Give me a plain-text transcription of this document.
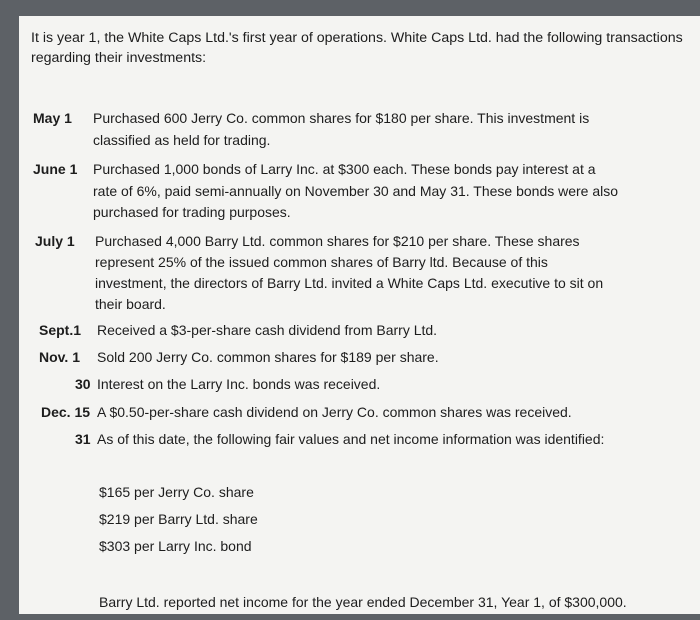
It is year 1, the White Caps Ltd.'s first year of operations. White Caps Ltd. had the following transactions regarding their investments:
May 1 Purchased 600 Jerry Co. common shares for $180 per share. This investment is
classified as held for trading.
June 1 Purchased 1,000 bonds of Larry Inc. at $300 each. These bonds pay interest at a
rate of 6%, paid semi-annually on November 30 and May 31. These bonds were also
purchased for trading purposes.
July 1 Purchased 4,000 Barry Ltd. common shares for $210 per share. These shares
represent 25% of the issued common shares of Barry ltd. Because of this
investment, the directors of Barry Ltd. invited a White Caps Ltd. executive to sit on
their board.
Sept.1 Received a $3-per-share cash dividend from Barry Ltd.
Nov. 1 Sold 200 Jerry Co. common shares for $189 per share.
30 Interest on the Larry Inc. bonds was received.
Dec. 15 A $0.50-per-share cash dividend on Jerry Co. common shares was received.
31 As of this date, the following fair values and net income information was identified:
$165 per Jerry Co. share
$219 per Barry Ltd. share
$303 per Larry Inc. bond
Barry Ltd. reported net income for the year ended December 31, Year 1, of $300,000.
